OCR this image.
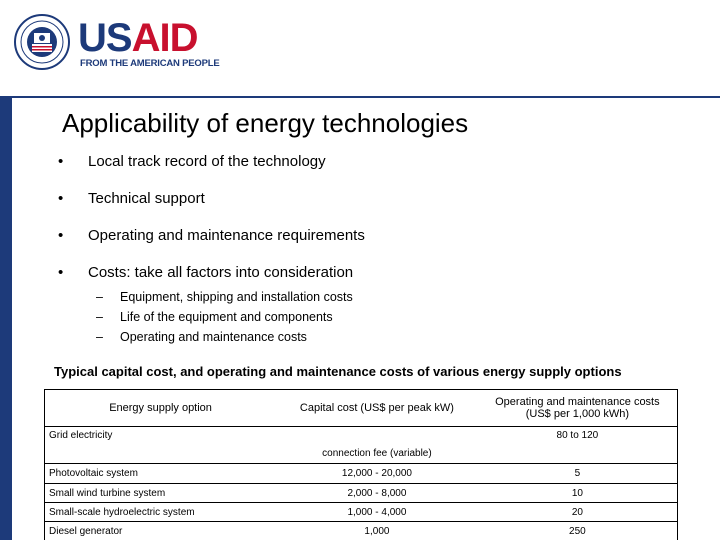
USAID
FROM THE AMERICAN PEOPLE
Applicability of energy technologies
• Local track record of the technology
• Technical support
• Operating and maintenance requirements
• Costs: take all factors into consideration
– Equipment, shipping and installation costs
– Life of the equipment and components
– Operating and maintenance costs
Typical capital cost, and operating and maintenance costs of various energy supply options
Energy supply option	Capital cost (US$ per peak kW)	Operating and maintenance costs (US$ per 1,000 kWh)
Grid electricity	connection fee (variable)	80 to 120
Photovoltaic system	12,000 - 20,000	5
Small wind turbine system	2,000 - 8,000	10
Small-scale hydroelectric system	1,000 - 4,000	20
Diesel generator	1,000	250
